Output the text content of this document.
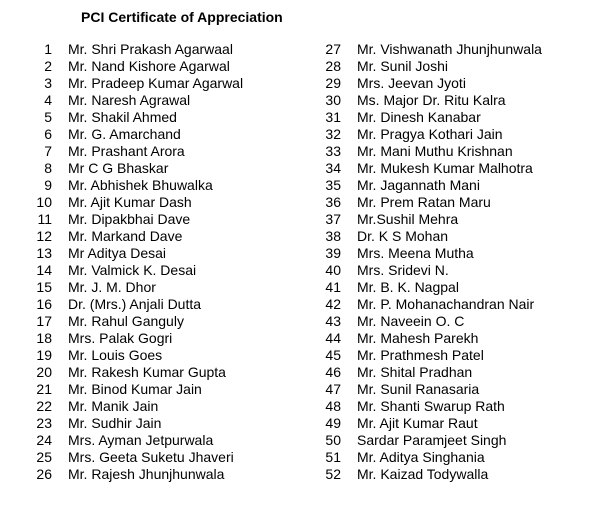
PCI Certificate of Appreciation
1 Mr. Shri Prakash Agarwaal
2 Mr. Nand Kishore Agarwal
3 Mr. Pradeep Kumar Agarwal
4 Mr. Naresh Agrawal
5 Mr. Shakil Ahmed
6 Mr. G. Amarchand
7 Mr. Prashant Arora
8 Mr C G Bhaskar
9 Mr. Abhishek Bhuwalka
10 Mr. Ajit Kumar Dash
11 Mr. Dipakbhai Dave
12 Mr. Markand Dave
13 Mr Aditya Desai
14 Mr. Valmick K. Desai
15 Mr. J. M. Dhor
16 Dr. (Mrs.) Anjali Dutta
17 Mr. Rahul Ganguly
18 Mrs. Palak Gogri
19 Mr. Louis Goes
20 Mr. Rakesh Kumar Gupta
21 Mr. Binod Kumar Jain
22 Mr. Manik Jain
23 Mr. Sudhir Jain
24 Mrs. Ayman Jetpurwala
25 Mrs. Geeta Suketu Jhaveri
26 Mr. Rajesh Jhunjhunwala
27 Mr. Vishwanath Jhunjhunwala
28 Mr. Sunil Joshi
29 Mrs. Jeevan Jyoti
30 Ms. Major Dr. Ritu Kalra
31 Mr. Dinesh Kanabar
32 Mr. Pragya Kothari Jain
33 Mr. Mani Muthu Krishnan
34 Mr. Mukesh Kumar Malhotra
35 Mr. Jagannath Mani
36 Mr. Prem Ratan Maru
37 Mr.Sushil Mehra
38 Dr. K S Mohan
39 Mrs. Meena Mutha
40 Mrs. Sridevi N.
41 Mr. B. K. Nagpal
42 Mr. P. Mohanachandran Nair
43 Mr. Naveein O. C
44 Mr. Mahesh Parekh
45 Mr. Prathmesh Patel
46 Mr. Shital Pradhan
47 Mr. Sunil Ranasaria
48 Mr. Shanti Swarup Rath
49 Mr. Ajit Kumar Raut
50 Sardar Paramjeet Singh
51 Mr. Aditya Singhania
52 Mr. Kaizad Todywalla
